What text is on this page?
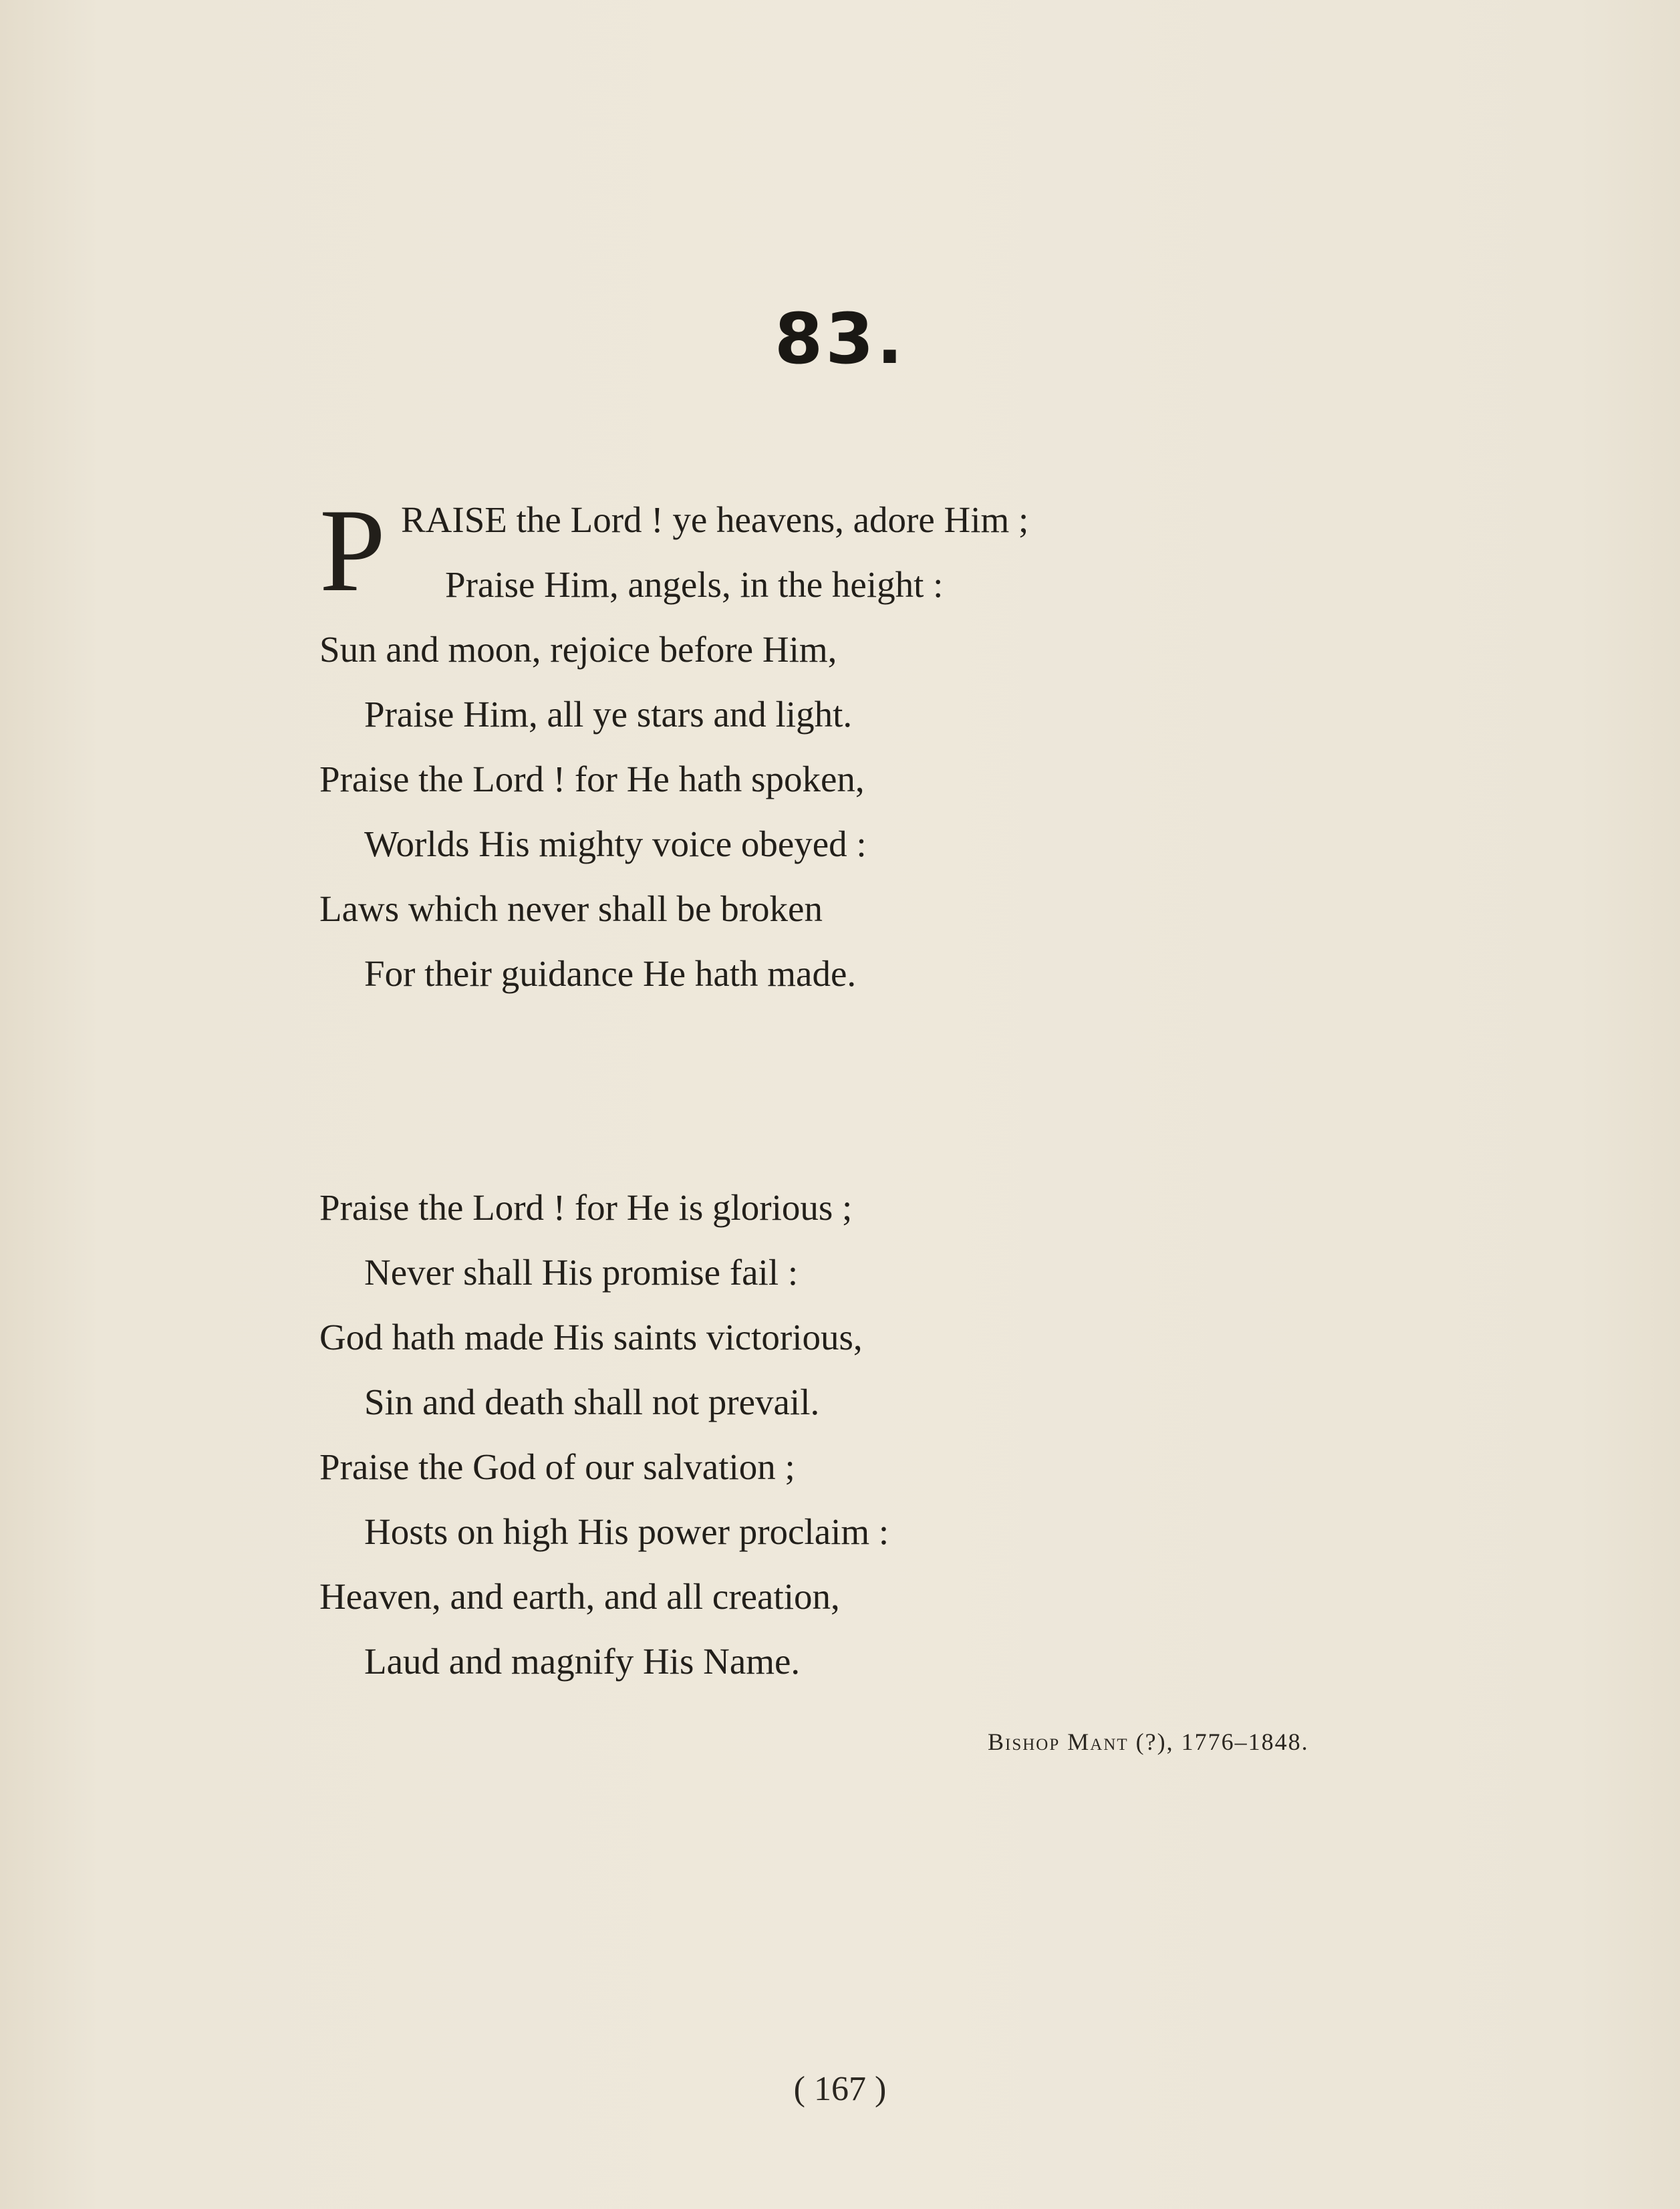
83.
P RAISE the Lord ! ye heavens, adore Him ;
Praise Him, angels, in the height :
Sun and moon, rejoice before Him,
Praise Him, all ye stars and light.
Praise the Lord ! for He hath spoken,
Worlds His mighty voice obeyed :
Laws which never shall be broken
For their guidance He hath made.
Praise the Lord ! for He is glorious ;
Never shall His promise fail :
God hath made His saints victorious,
Sin and death shall not prevail.
Praise the God of our salvation ;
Hosts on high His power proclaim :
Heaven, and earth, and all creation,
Laud and magnify His Name.
Bishop Mant (?), 1776–1848.
( 167 )
